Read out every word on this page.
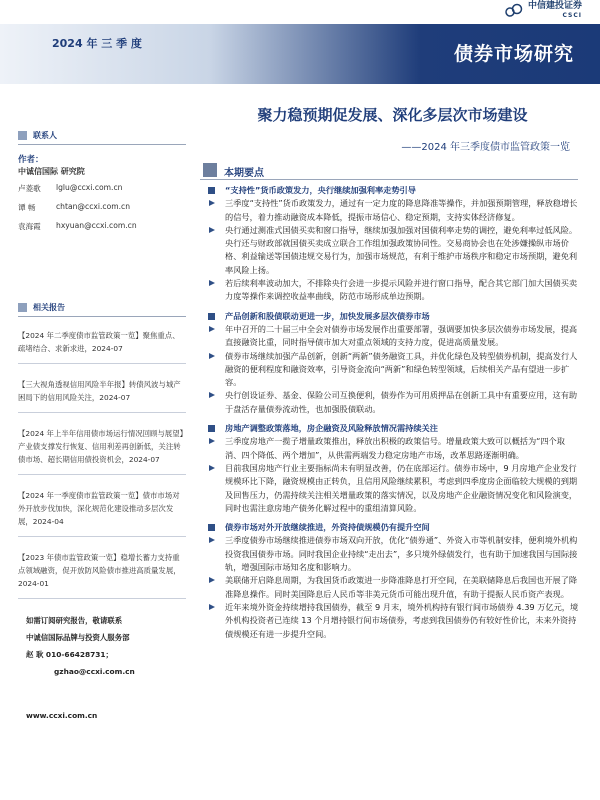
中信建投证券
CSCI
2024 年 三 季 度	债券市场研究
联系人
作者：
中诚信国际 研究院
卢菱歌	lglu@ccxi.com.cn
谭 畅	chtan@ccxi.com.cn
袁海霞	hxyuan@ccxi.com.cn
相关报告
【2024 年二季度债市监管政策一览】聚焦重点、疏堵结合、求新求进，2024-07
【三大视角透视信用风险半年报】转债风波与城产困局下的信用风险关注，2024-07
【2024 年上半年信用债市场运行情况回顾与展望】产业债支撑发行恢复、信用利差再创新低，关注转债市场、超长期信用债投资机会，2024-07
【2024 年一季度债市监管政策一览】债市市场对外开放步伐加快，深化规范化建设推动多层次发展，2024-04
【2023 年债市监管政策一览】稳增长蓄力支持重点领域融资，促开放防风险债市推进高质量发展，2024-01
如需订阅研究报告，敬请联系
中诚信国际品牌与投资人服务部
赵 耿 010-66428731；
gzhao@ccxi.com.cn
www.ccxi.com.cn
聚力稳预期促发展、深化多层次市场建设
——2024 年三季度债市监管政策一览
本期要点
“支持性”货币政策发力，央行继续加强利率走势引导
三季度“支持性”货币政策发力，通过有一定力度的降息降准等操作，并加强预期管理，释放稳增长的信号，着力推动融资成本降低，提振市场信心、稳定预期，支持实体经济修复。
央行通过测准式国债买卖和窗口指导，继续加强加强对国债利率走势的调控，避免利率过低风险。央行还与财政部就国债买卖成立联合工作组加强政策协同性。交易商协会也在处涉嫌操纵市场价格、利益输送等国债违规交易行为，加强市场规范，有利于维护市场秩序和稳定市场预期，避免利率风险上扬。
若后续利率波动加大，不排除央行会进一步提示风险并进行窗口指导，配合其它部门加大国债买卖力度等操作来调控收益率曲线，防范市场形成单边预期。
产品创新和股债联动更进一步，加快发展多层次债券市场
年中召开的二十届三中全会对债券市场发展作出重要部署，强调要加快多层次债券市场发展，提高直接融资比重，同时指导债市加大对重点领域的支持力度，促进高质量发展。
债券市场继续加强产品创新，创新“两新”债务融资工具，并优化绿色及转型债券机制，提高发行人融资的便利程度和融资效率，引导资金流向“两新”和绿色转型领域，后续相关产品有望进一步扩容。
央行创设证券、基金、保险公司互换便利，债券作为可用质押品在创新工具中有重要应用，这有助于盘活存量债券流动性，也加强股债联动。
房地产调整政策落地，房企融资及风险释放情况需持续关注
三季度房地产一揽子增量政策推出，释放出积极的政策信号。增量政策大致可以概括为“四个取消、四个降低、两个增加”，从供需两端发力稳定房地产市场，改革思路逐渐明确。
目前我国房地产行业主要指标尚未有明显改善，仍在底部运行。债券市场中，9 月房地产企业发行规模环比下降，融资规模由正转负，且信用风险继续累积，考虑到四季度房企面临较大规模的到期及回售压力，仍需持续关注相关增量政策的落实情况，以及房地产企业融资情况变化和风险演变，同时也需注意房地产债务化解过程中的重组清算风险。
债券市场对外开放继续推进，外资持债规模仍有提升空间
三季度债券市场继续推进债券市场双向开放，优化“债券通”、外资入市等机制安排，便利境外机构投资我国债券市场。同时我国企业持续“走出去”，多只境外绿债发行，也有助于加速我国与国际接轨，增强国际市场知名度和影响力。
美联储开启降息周期，为我国货币政策进一步降准降息打开空间，在美联储降息后我国也开展了降准降息操作。同时美国降息后人民币等非美元货币可能出现升值，有助于提振人民币资产表现。
近年来境外资金持续增持我国债券，截至 9 月末，境外机构持有银行间市场债券 4.39 万亿元，境外机构投资者已连续 13 个月增持银行间市场债券，考虑到我国债券仍有较好性价比，未来外资持债规模还有进一步提升空间。
